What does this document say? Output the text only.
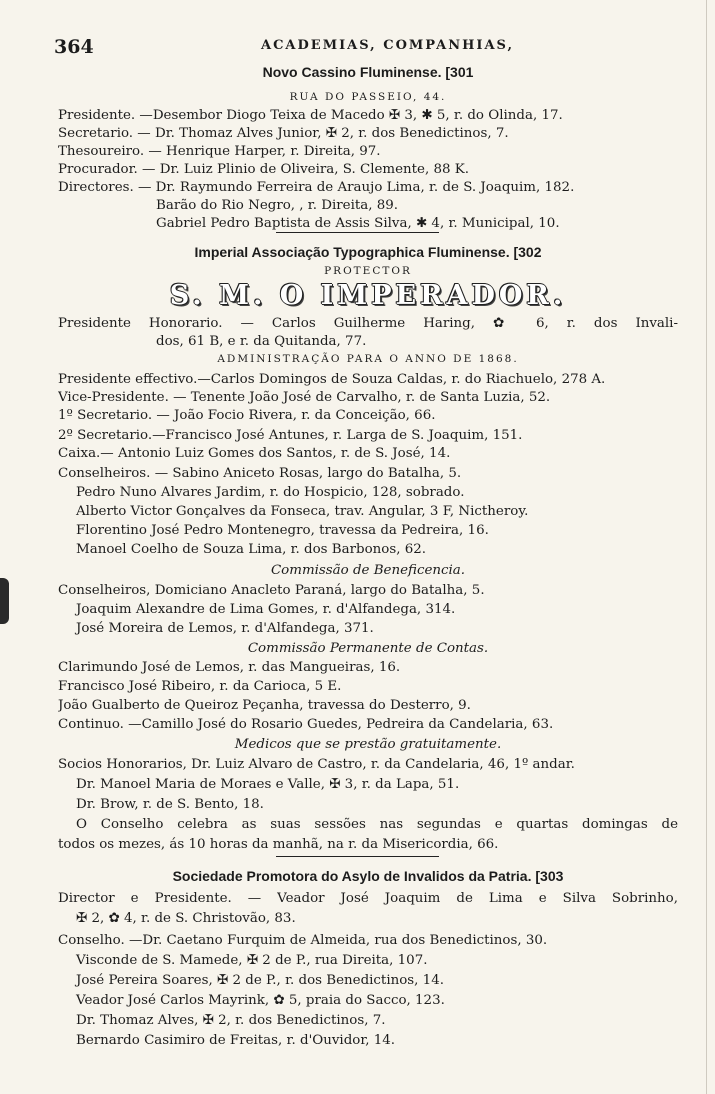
364	ACADEMIAS, COMPANHIAS,
Novo Cassino Fluminense. [301
RUA DO PASSEIO, 44.
Presidente. —Desembor Diogo Teixa de Macedo ✠ 3, ✱ 5, r. do Olinda, 17.
Secretario. — Dr. Thomaz Alves Junior, ✠ 2, r. dos Benedictinos, 7.
Thesoureiro. — Henrique Harper, r. Direita, 97.
Procurador. — Dr. Luiz Plinio de Oliveira, S. Clemente, 88 K.
Directores. — Dr. Raymundo Ferreira de Araujo Lima, r. de S. Joaquim, 182.
Barão do Rio Negro, , r. Direita, 89.
Gabriel Pedro Baptista de Assis Silva, ✱ 4, r. Municipal, 10.
Imperial Associação Typographica Fluminense. [302
PROTECTOR
S. M. O IMPERADOR.
Presidente Honorario. — Carlos Guilherme Haring, ✿ 6, r. dos Invali-
dos, 61 B, e r. da Quitanda, 77.
ADMINISTRAÇÃO PARA O ANNO DE 1868.
Presidente effectivo.—Carlos Domingos de Souza Caldas, r. do Riachuelo, 278 A.
Vice-Presidente. — Tenente João José de Carvalho, r. de Santa Luzia, 52.
1º Secretario. — João Focio Rivera, r. da Conceição, 66.
2º Secretario.—Francisco José Antunes, r. Larga de S. Joaquim, 151.
Caixa.— Antonio Luiz Gomes dos Santos, r. de S. José, 14.
Conselheiros. — Sabino Aniceto Rosas, largo do Batalha, 5.
Pedro Nuno Alvares Jardim, r. do Hospicio, 128, sobrado.
Alberto Victor Gonçalves da Fonseca, trav. Angular, 3 F, Nictheroy.
Florentino José Pedro Montenegro, travessa da Pedreira, 16.
Manoel Coelho de Souza Lima, r. dos Barbonos, 62.
Commissão de Beneficencia.
Conselheiros, Domiciano Anacleto Paraná, largo do Batalha, 5.
Joaquim Alexandre de Lima Gomes, r. d'Alfandega, 314.
José Moreira de Lemos, r. d'Alfandega, 371.
Commissão Permanente de Contas.
Clarimundo José de Lemos, r. das Mangueiras, 16.
Francisco José Ribeiro, r. da Carioca, 5 E.
João Gualberto de Queiroz Peçanha, travessa do Desterro, 9.
Continuo. —Camillo José do Rosario Guedes, Pedreira da Candelaria, 63.
Medicos que se prestão gratuitamente.
Socios Honorarios, Dr. Luiz Alvaro de Castro, r. da Candelaria, 46, 1º andar.
Dr. Manoel Maria de Moraes e Valle, ✠ 3, r. da Lapa, 51.
Dr. Brow, r. de S. Bento, 18.
O Conselho celebra as suas sessões nas segundas e quartas domingas de
todos os mezes, ás 10 horas da manhã, na r. da Misericordia, 66.
Sociedade Promotora do Asylo de Invalidos da Patria. [303
Director e Presidente. — Veador José Joaquim de Lima e Silva Sobrinho,
✠ 2, ✿ 4, r. de S. Christovão, 83.
Conselho. —Dr. Caetano Furquim de Almeida, rua dos Benedictinos, 30.
Visconde de S. Mamede, ✠ 2 de P., rua Direita, 107.
José Pereira Soares, ✠ 2 de P., r. dos Benedictinos, 14.
Veador José Carlos Mayrink, ✿ 5, praia do Sacco, 123.
Dr. Thomaz Alves, ✠ 2, r. dos Benedictinos, 7.
Bernardo Casimiro de Freitas, r. d'Ouvidor, 14.
